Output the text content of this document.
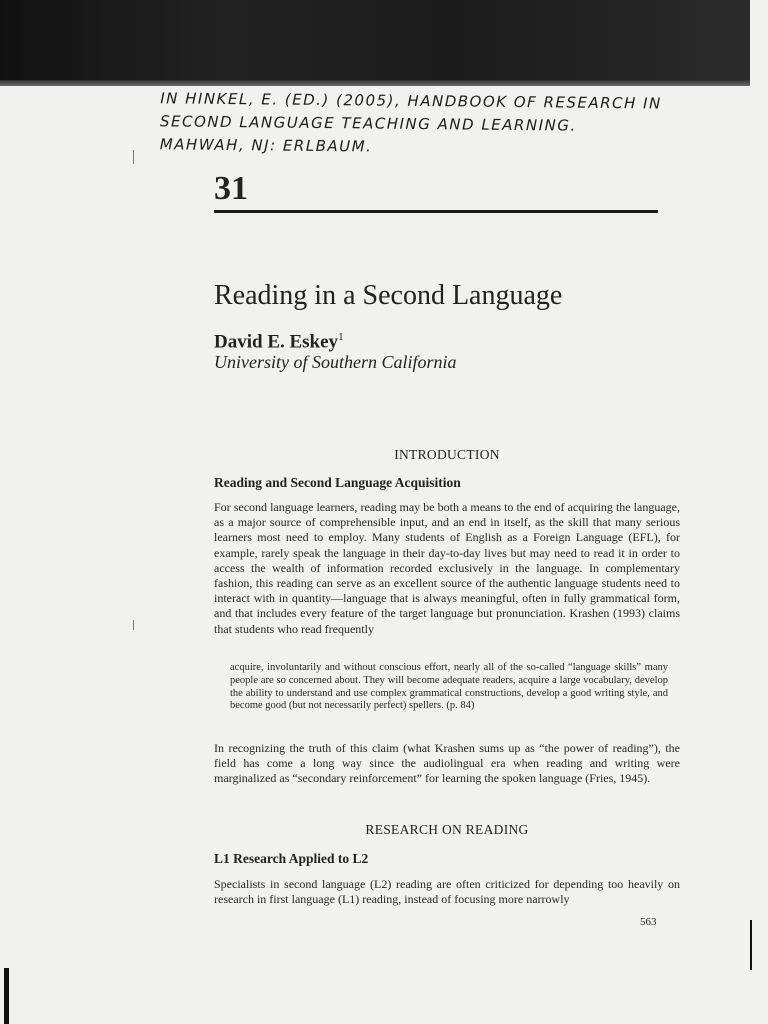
IN HINKEL, E. (ED.) (2005), HANDBOOK OF RESEARCH IN
SECOND LANGUAGE TEACHING AND LEARNING.
MAHWAH, NJ: ERLBAUM.
31
Reading in a Second Language
David E. Eskey$^1$
University of Southern California
INTRODUCTION
Reading and Second Language Acquisition
For second language learners, reading may be both a means to the end of acquiring the language, as a major source of comprehensible input, and an end in itself, as the skill that many serious learners most need to employ. Many students of English as a Foreign Language (EFL), for example, rarely speak the language in their day-to-day lives but may need to read it in order to access the wealth of information recorded exclusively in the language. In complementary fashion, this reading can serve as an excellent source of the authentic language students need to interact with in quantity—language that is always meaningful, often in fully grammatical form, and that includes every feature of the target language but pronunciation. Krashen (1993) claims that students who read frequently
acquire, involuntarily and without conscious effort, nearly all of the so-called “language skills” many people are so concerned about. They will become adequate readers, acquire a large vocabulary, develop the ability to understand and use complex grammatical constructions, develop a good writing style, and become good (but not necessarily perfect) spellers. (p. 84)
In recognizing the truth of this claim (what Krashen sums up as “the power of reading”), the field has come a long way since the audiolingual era when reading and writing were marginalized as “secondary reinforcement” for learning the spoken language (Fries, 1945).
RESEARCH ON READING
L1 Research Applied to L2
Specialists in second language (L2) reading are often criticized for depending too heavily on research in first language (L1) reading, instead of focusing more narrowly
563
